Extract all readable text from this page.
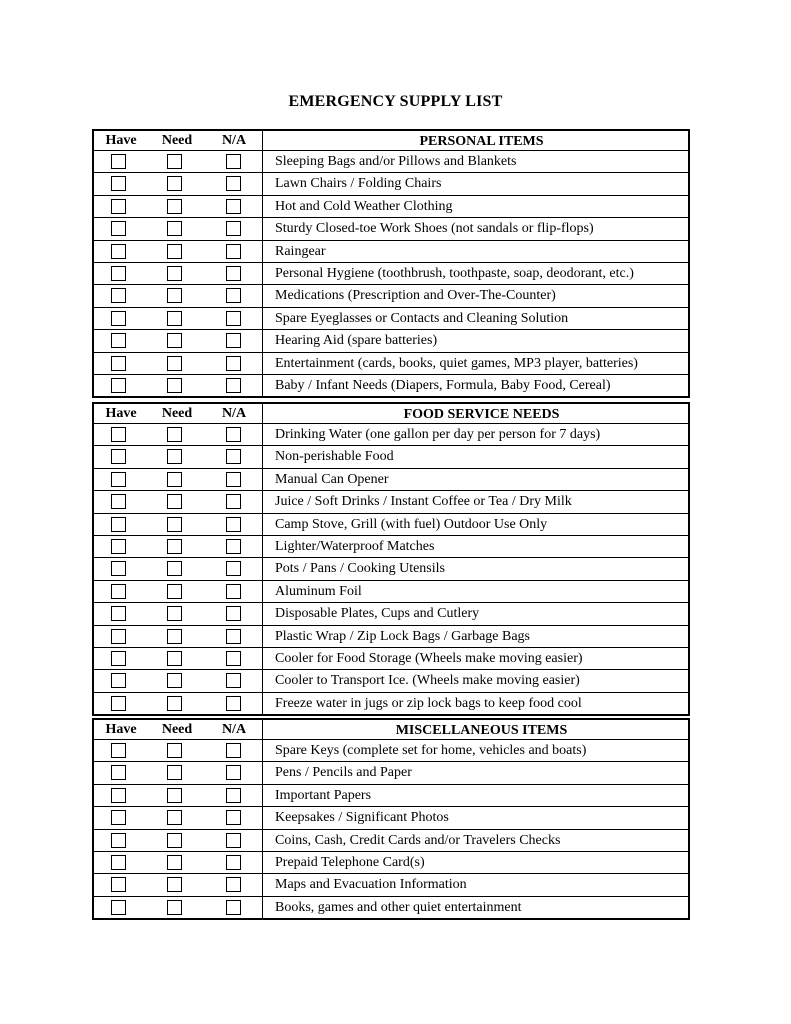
EMERGENCY SUPPLY LIST
Have	Need	N/A	PERSONAL ITEMS
Sleeping Bags and/or Pillows and Blankets
Lawn Chairs / Folding Chairs
Hot and Cold Weather Clothing
Sturdy Closed-toe Work Shoes (not sandals or flip-flops)
Raingear
Personal Hygiene (toothbrush, toothpaste, soap, deodorant, etc.)
Medications (Prescription and Over-The-Counter)
Spare Eyeglasses or Contacts and Cleaning Solution
Hearing Aid (spare batteries)
Entertainment (cards, books, quiet games, MP3 player, batteries)
Baby / Infant Needs (Diapers, Formula, Baby Food, Cereal)
Have	Need	N/A	FOOD SERVICE NEEDS
Drinking Water (one gallon per day per person for 7 days)
Non-perishable Food
Manual Can Opener
Juice / Soft Drinks / Instant Coffee or Tea / Dry Milk
Camp Stove, Grill (with fuel) Outdoor Use Only
Lighter/Waterproof Matches
Pots / Pans / Cooking Utensils
Aluminum Foil
Disposable Plates, Cups and Cutlery
Plastic Wrap / Zip Lock Bags / Garbage Bags
Cooler for Food Storage (Wheels make moving easier)
Cooler to Transport Ice. (Wheels make moving easier)
Freeze water in jugs or zip lock bags to keep food cool
Have	Need	N/A	MISCELLANEOUS ITEMS
Spare Keys (complete set for home, vehicles and boats)
Pens / Pencils and Paper
Important Papers
Keepsakes / Significant Photos
Coins, Cash, Credit Cards and/or Travelers Checks
Prepaid Telephone Card(s)
Maps and Evacuation Information
Books, games and other quiet entertainment
